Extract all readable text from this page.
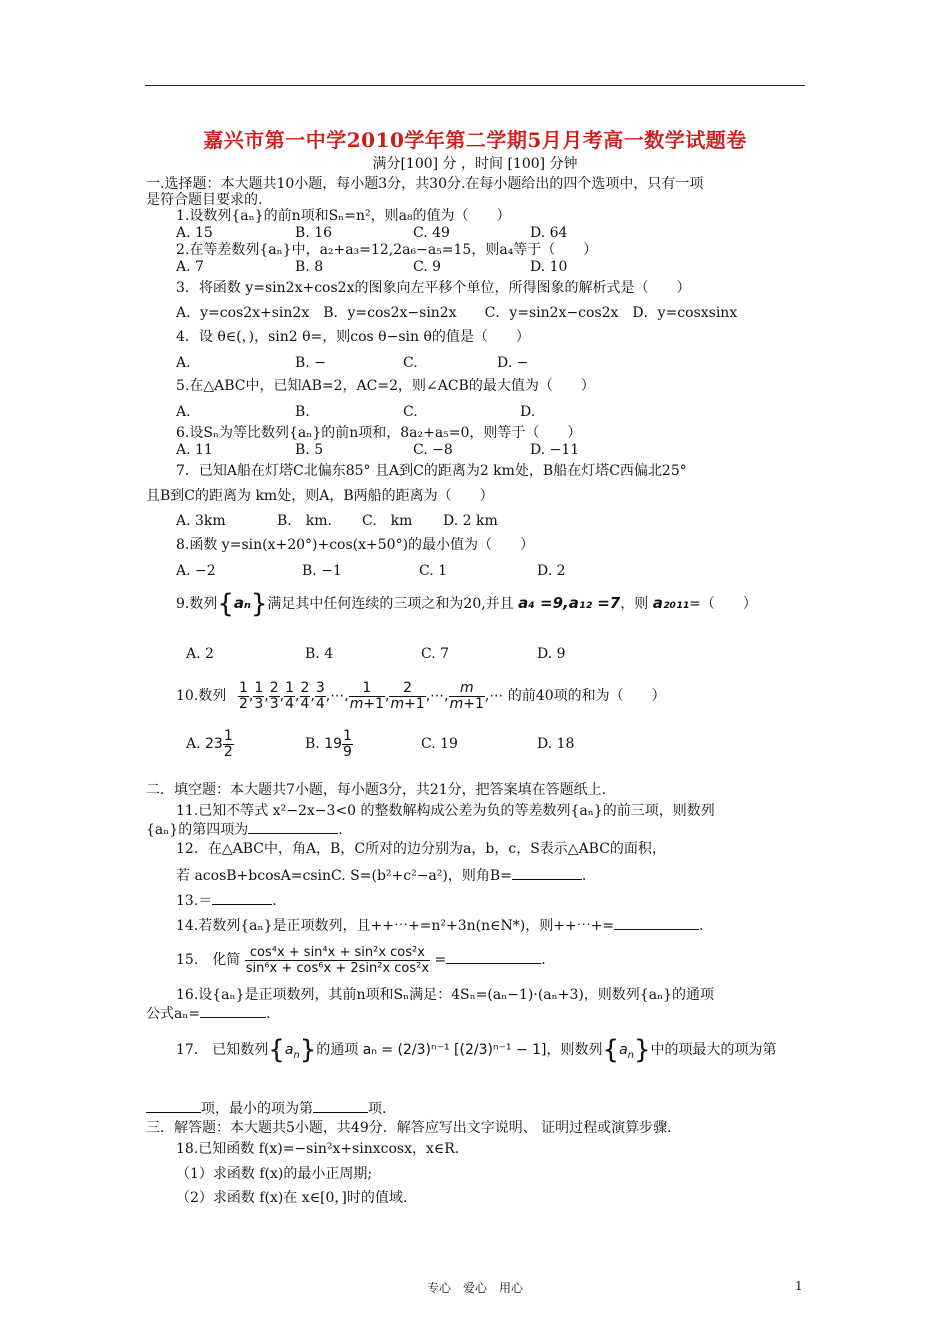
嘉兴市第一中学2010学年第二学期5月月考高一数学试题卷
满分[100] 分 ，时间 [100] 分钟
一.选择题：本大题共10小题，每小题3分，共30分.在每小题给出的四个选项中，只有一项
是符合题目要求的.
1.设数列{aₙ}的前n项和Sₙ=n²，则a₈的值为（　　）
A. 15	B. 16	C. 49	D. 64
2.在等差数列{aₙ}中，a₂+a₃=12,2a₆−a₅=15，则a₄等于（　　）
A. 7	B. 8	C. 9	D. 10
3．将函数 y=sin2x+cos2x的图象向左平移个单位，所得图象的解析式是（　　）
A．y=cos2x+sin2x　B．y=cos2x−sin2x　　C．y=sin2x−cos2x　D．y=cosxsinx
4．设 θ∈(，)，sin2 θ=，则cos θ−sin θ的值是（　　）
A.	B. −	C.	D. −
5.在△ABC中，已知AB=2，AC=2，则∠ACB的最大值为（　　）
A.	B.	C.	D.
6.设Sₙ为等比数列{aₙ}的前n项和，8a₂+a₅=0，则等于（　　）
A. 11	B. 5	C. −8	D. −11
7．已知A船在灯塔C北偏东85° 且A到C的距离为2 km处，B船在灯塔C西偏北25°
且B到C的距离为 km处，则A，B两船的距离为（　　）
A. 3km	B.　km. C.　km D. 2 km
8.函数 y=sin(x+20°)+cos(x+50°)的最小值为（　　）
A. −2	B. −1	C. 1	D. 2
9.数列{aₙ}满足其中任何连续的三项之和为20,并且 a₄ =9,a₁₂ =7，则 a₂₀₁₁=（　　）
A. 2	B. 4	C. 7	D. 9
10.数列 $\frac{1}{2}$ , $\frac{1}{3}$ , $\frac{2}{3}$ , $\frac{1}{4}$ , $\frac{2}{4}$ , $\frac{3}{4}$ ,⋯, $\frac{1}{m+1}$ , $\frac{2}{m+1}$ ,⋯, $\frac{m}{m+1}$ ,⋯ 的前40项的和为（　　）
A. $23 \frac{1}{2}$	B. $19 \frac{1}{9}$	C. 19	D. 18
二．填空题：本大题共7小题，每小题3分，共21分，把答案填在答题纸上.
11.已知不等式 x²−2x−3<0 的整数解构成公差为负的等差数列{aₙ}的前三项，则数列
{aₙ}的第四项为	.
12．在△ABC中，角A，B，C所对的边分别为a，b，c，S表示△ABC的面积，
若 acosB+bcosA=csinC. S=(b²+c²−a²)，则角B=	.
13.＝	.
14.若数列{aₙ}是正项数列，且++⋯+=n²+3n(n∈N*)，则++⋯+=	.
15.　化简 $\frac{\text{cos⁴x + sin⁴x + sin²x cos²x}}{\text{sin⁶x + cos⁶x + 2sin²x cos²x}}$ =	.
16.设{aₙ}是正项数列，其前n项和Sₙ满足：4Sₙ=(aₙ−1)·(aₙ+3)，则数列{aₙ}的通项
公式aₙ=	.
17.　已知数列$\{a_n\}$的通项 aₙ = (2/3)ⁿ⁻¹ [(2/3)ⁿ⁻¹ − 1]，则数列$\{a_n\}$中的项最大的项为第
项，最小的项为第	项.
三．解答题：本大题共5小题，共49分．解答应写出文字说明、 证明过程或演算步骤.
18.已知函数 f(x)=−sin²x+sinxcosx，x∈R.
（1）求函数 f(x)的最小正周期;
（2）求函数 f(x)在 x∈[0，]时的值域.
专心　爱心　用心	1
